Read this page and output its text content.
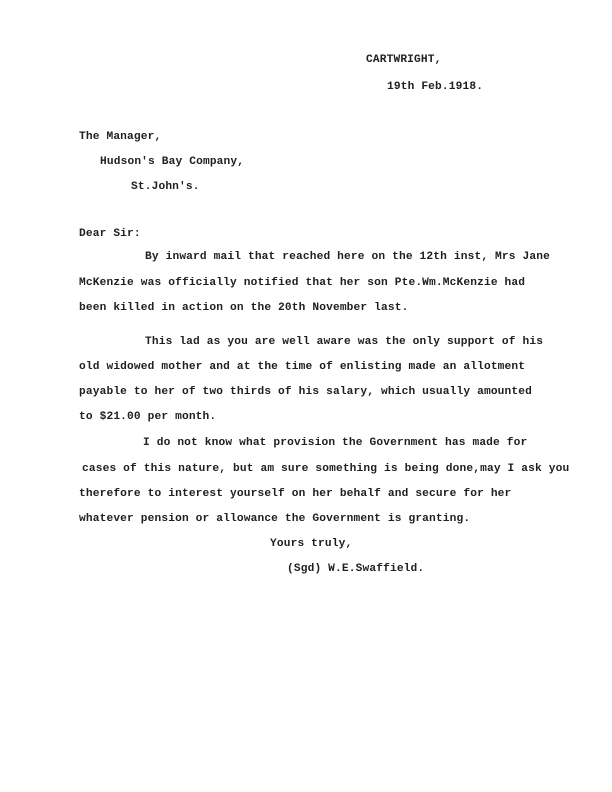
CARTWRIGHT,
19th Feb.1918.
The Manager,
Hudson's Bay Company,
St.John's.
Dear Sir:
By inward mail that reached here on the 12th inst, Mrs Jane
McKenzie was officially notified that her son Pte.Wm.McKenzie had
been killed in action on the 20th November last.
This lad as you are well aware was the only support of his
old widowed mother and at the time of enlisting made an allotment
payable to her of two thirds of his salary, which usually amounted
to $21.00 per month.
I do not know what provision the Government has made for
cases of this nature, but am sure something is being done,may I ask you
therefore to interest yourself on her behalf and secure for her
whatever pension or allowance the Government is granting.
Yours truly,
(Sgd) W.E.Swaffield.
